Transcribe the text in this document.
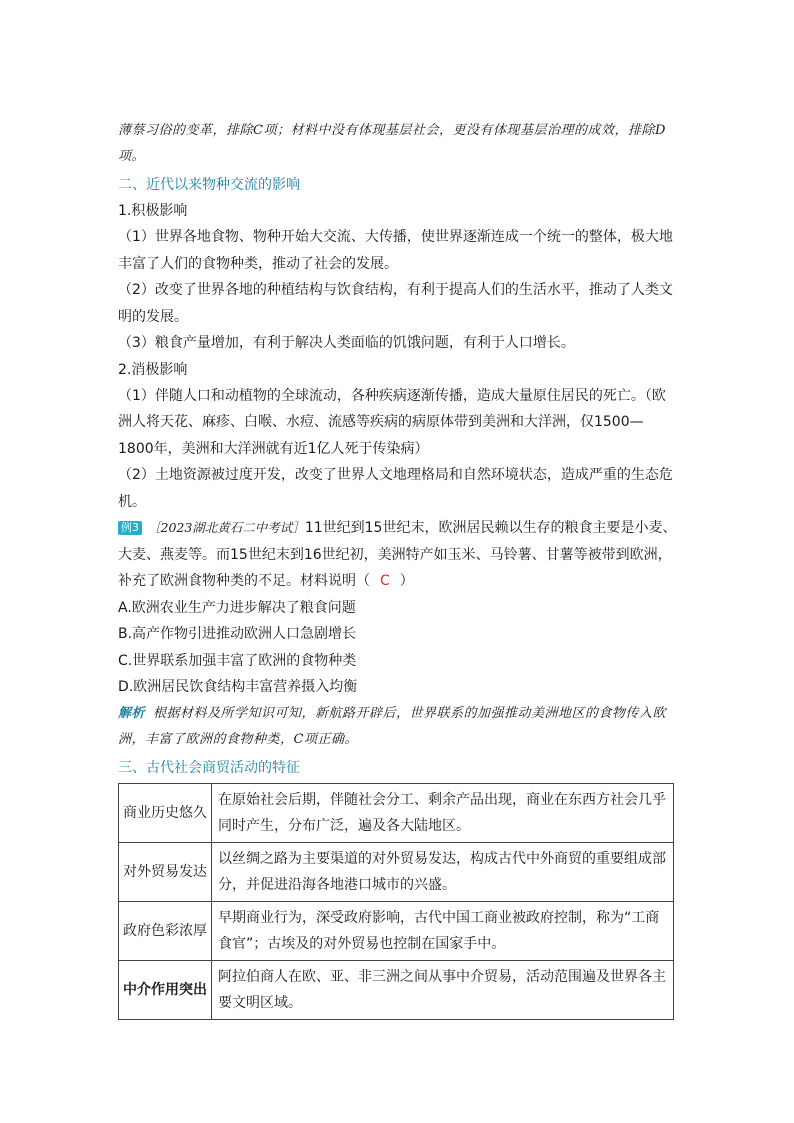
薄蔡习俗的变革，排除C项；材料中没有体现基层社会，更没有体现基层治理的成效，排除D项。
二、近代以来物种交流的影响
1.积极影响
（1）世界各地食物、物种开始大交流、大传播，使世界逐渐连成一个统一的整体，极大地丰富了人们的食物种类，推动了社会的发展。
（2）改变了世界各地的种植结构与饮食结构，有利于提高人们的生活水平，推动了人类文明的发展。
（3）粮食产量增加，有利于解决人类面临的饥饿问题，有利于人口增长。
2.消极影响
（1）伴随人口和动植物的全球流动，各种疾病逐渐传播，造成大量原住居民的死亡。（欧洲人将天花、麻疹、白喉、水痘、流感等疾病的病原体带到美洲和大洋洲，仅1500—1800年，美洲和大洋洲就有近1亿人死于传染病）
（2）土地资源被过度开发，改变了世界人文地理格局和自然环境状态，造成严重的生态危机。
例3 ［2023湖北黄石二中考试］11世纪到15世纪末，欧洲居民赖以生存的粮食主要是小麦、大麦、燕麦等。而15世纪末到16世纪初，美洲特产如玉米、马铃薯、甘薯等被带到欧洲，补充了欧洲食物种类的不足。材料说明（ C ）
A.欧洲农业生产力进步解决了粮食问题
B.高产作物引进推动欧洲人口急剧增长
C.世界联系加强丰富了欧洲的食物种类
D.欧洲居民饮食结构丰富营养摄入均衡
解析 根据材料及所学知识可知，新航路开辟后，世界联系的加强推动美洲地区的食物传入欧洲，丰富了欧洲的食物种类，C项正确。
三、古代社会商贸活动的特征
商业历史悠久	在原始社会后期，伴随社会分工、剩余产品出现，商业在东西方社会几乎同时产生，分布广泛，遍及各大陆地区。
对外贸易发达	以丝绸之路为主要渠道的对外贸易发达，构成古代中外商贸的重要组成部分，并促进沿海各地港口城市的兴盛。
政府色彩浓厚	早期商业行为，深受政府影响，古代中国工商业被政府控制，称为“工商食官”；古埃及的对外贸易也控制在国家手中。
中介作用突出	阿拉伯商人在欧、亚、非三洲之间从事中介贸易，活动范围遍及世界各主要文明区域。
